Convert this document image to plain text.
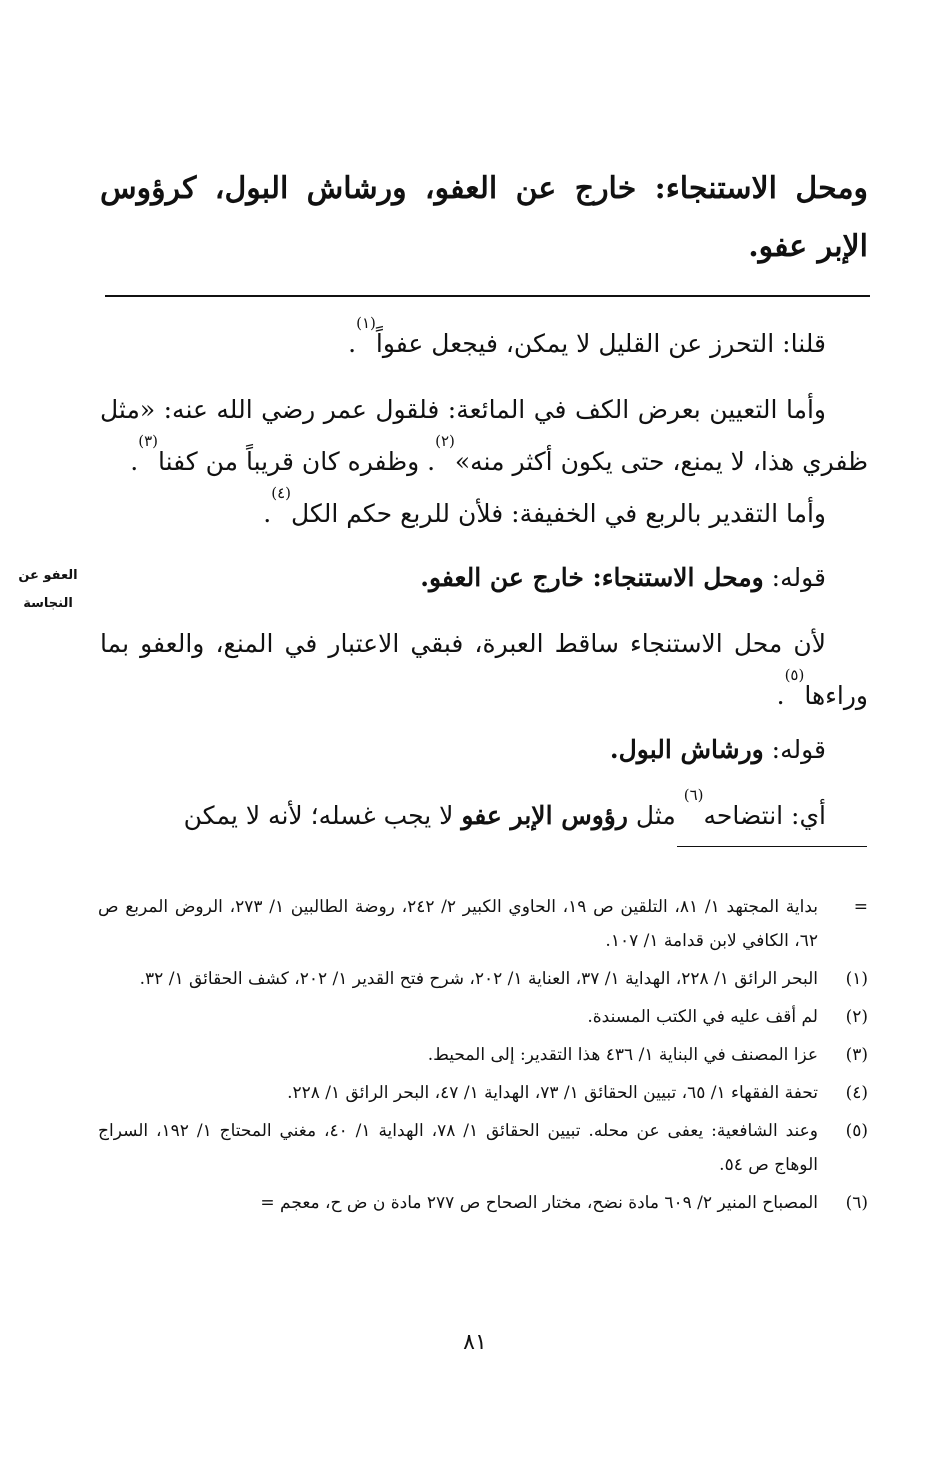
ومحل الاستنجاء: خارج عن العفو، ورشاش البول، كرؤوس الإبر عفو.
قلنا: التحرز عن القليل لا يمكن، فيجعل عفواً$^{(١)}$.
وأما التعيين بعرض الكف في المائعة: فلقول عمر رضي الله عنه: «مثل ظفري هذا، لا يمنع، حتى يكون أكثر منه»$^{(٢)}$. وظفره كان قريباً من كفنا$^{(٣)}$.
وأما التقدير بالربع في الخفيفة: فلأن للربع حكم الكل$^{(٤)}$.
قوله: ومحل الاستنجاء: خارج عن العفو.
العفو عن النجاسة
لأن محل الاستنجاء ساقط العبرة، فبقي الاعتبار في المنع، والعفو بما وراءها$^{(٥)}$.
قوله: ورشاش البول.
أي: انتضاحه$^{(٦)}$ مثل رؤوس الإبر عفو لا يجب غسله؛ لأنه لا يمكن
=
بداية المجتهد ١/ ٨١، التلقين ص ١٩، الحاوي الكبير ٢/ ٢٤٢، روضة الطالبين ١/ ٢٧٣، الروض المربع ص ٦٢، الكافي لابن قدامة ١/ ١٠٧.
(١)
البحر الرائق ١/ ٢٢٨، الهداية ١/ ٣٧، العناية ١/ ٢٠٢، شرح فتح القدير ١/ ٢٠٢، كشف الحقائق ١/ ٣٢.
(٢)
لم أقف عليه في الكتب المسندة.
(٣)
عزا المصنف في البناية ١/ ٤٣٦ هذا التقدير: إلى المحيط.
(٤)
تحفة الفقهاء ١/ ٦٥، تبيين الحقائق ١/ ٧٣، الهداية ١/ ٤٧، البحر الرائق ١/ ٢٢٨.
(٥)
وعند الشافعية: يعفى عن محله. تبيين الحقائق ١/ ٧٨، الهداية ١/ ٤٠، مغني المحتاج ١/ ١٩٢، السراج الوهاج ص ٥٤.
(٦)
المصباح المنير ٢/ ٦٠٩ مادة نضح، مختار الصحاح ص ٢٧٧ مادة ن ض ح، معجم =
٨١
